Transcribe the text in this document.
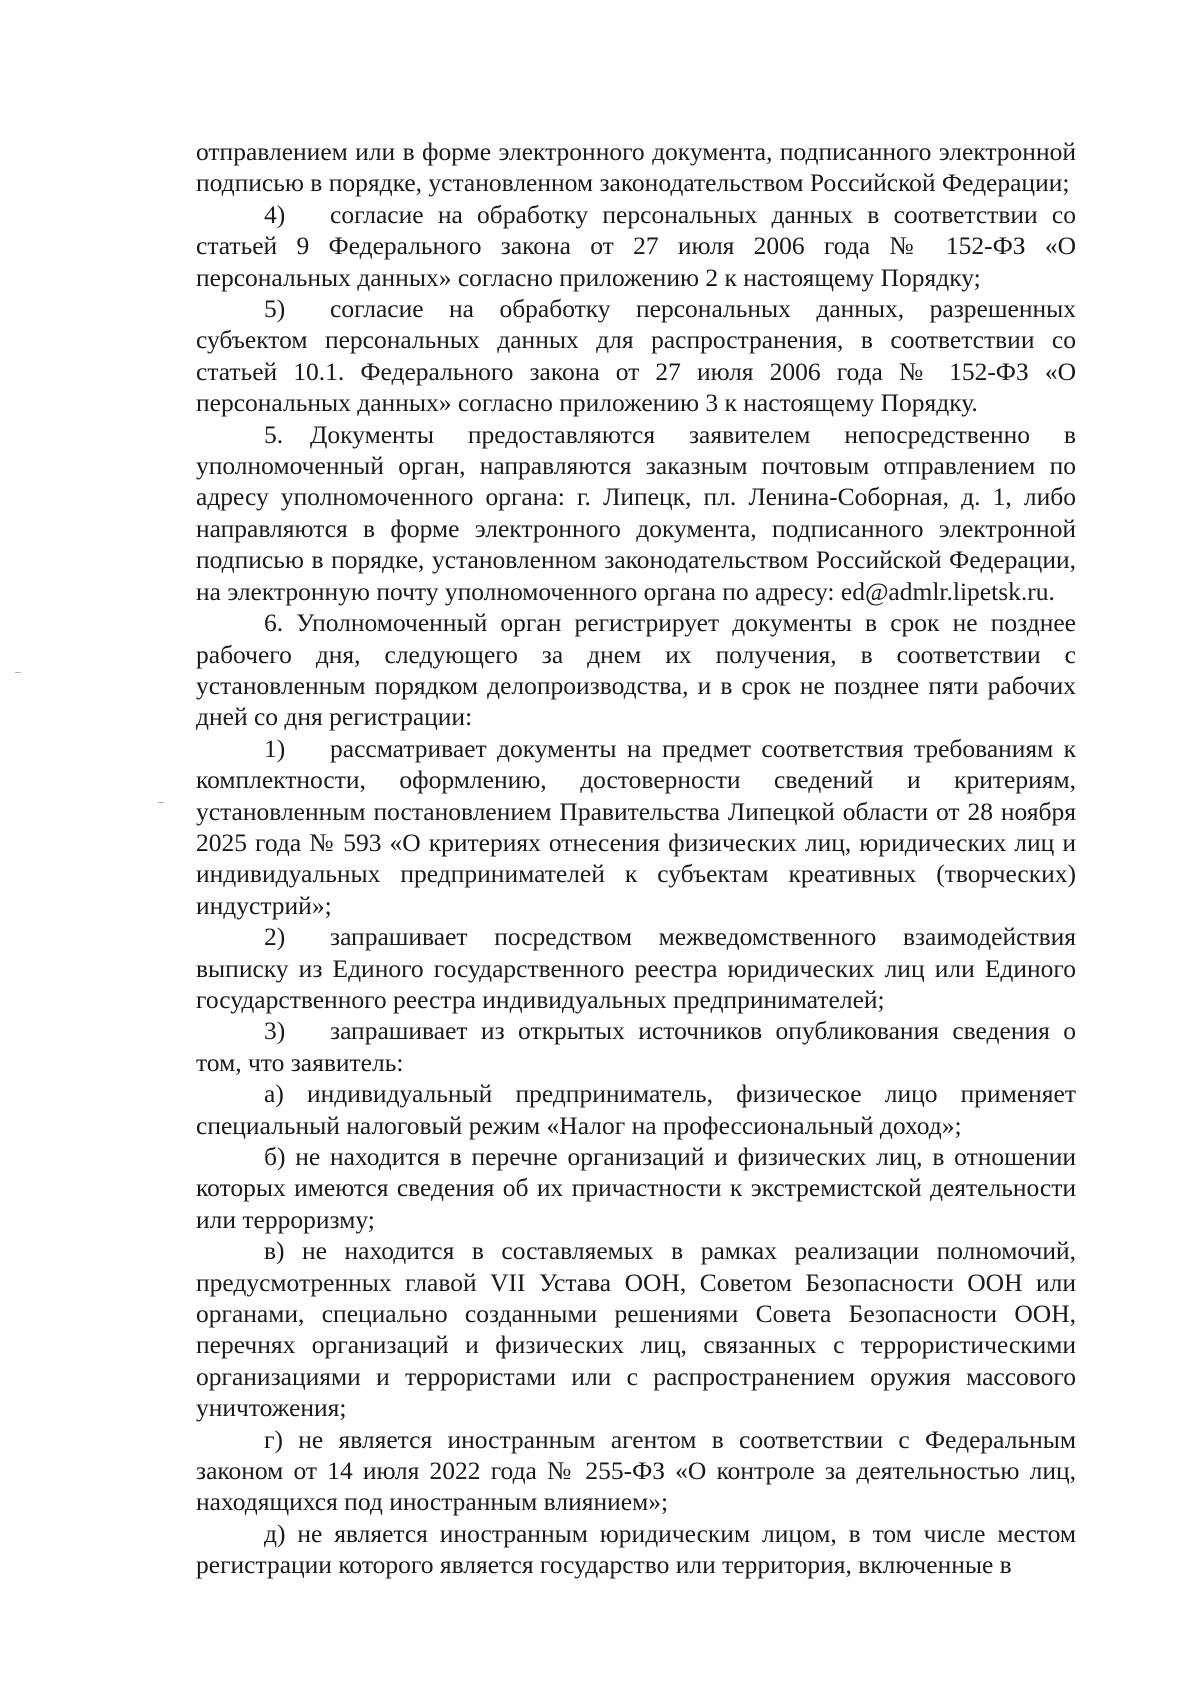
отправлением или в форме электронного документа, подписанного электронной подписью в порядке, установленном законодательством Российской Федерации;

4) согласие на обработку персональных данных в соответствии со статьей 9 Федерального закона от 27 июля 2006 года № 152-ФЗ «О персональных данных» согласно приложению 2 к настоящему Порядку;

5) согласие на обработку персональных данных, разрешенных субъектом персональных данных для распространения, в соответствии со статьей 10.1. Федерального закона от 27 июля 2006 года № 152-ФЗ «О персональных данных» согласно приложению 3 к настоящему Порядку.

5. Документы предоставляются заявителем непосредственно в уполномоченный орган, направляются заказным почтовым отправлением по адресу уполномоченного органа: г. Липецк, пл. Ленина-Соборная, д. 1, либо направляются в форме электронного документа, подписанного электронной подписью в порядке, установленном законодательством Российской Федерации, на электронную почту уполномоченного органа по адресу: ed@admlr.lipetsk.ru.

6. Уполномоченный орган регистрирует документы в срок не позднее рабочего дня, следующего за днем их получения, в соответствии с установленным порядком делопроизводства, и в срок не позднее пяти рабочих дней со дня регистрации:

1) рассматривает документы на предмет соответствия требованиям к комплектности, оформлению, достоверности сведений и критериям, установленным постановлением Правительства Липецкой области от 28 ноября 2025 года № 593 «О критериях отнесения физических лиц, юридических лиц и индивидуальных предпринимателей к субъектам креативных (творческих) индустрий»;

2) запрашивает посредством межведомственного взаимодействия выписку из Единого государственного реестра юридических лиц или Единого государственного реестра индивидуальных предпринимателей;

3) запрашивает из открытых источников опубликования сведения о том, что заявитель:

а) индивидуальный предприниматель, физическое лицо применяет специальный налоговый режим «Налог на профессиональный доход»;

б) не находится в перечне организаций и физических лиц, в отношении которых имеются сведения об их причастности к экстремистской деятельности или терроризму;

в) не находится в составляемых в рамках реализации полномочий, предусмотренных главой VII Устава ООН, Советом Безопасности ООН или органами, специально созданными решениями Совета Безопасности ООН, перечнях организаций и физических лиц, связанных с террористическими организациями и террористами или с распространением оружия массового уничтожения;

г) не является иностранным агентом в соответствии с Федеральным законом от 14 июля 2022 года № 255-ФЗ «О контроле за деятельностью лиц, находящихся под иностранным влиянием»;

д) не является иностранным юридическим лицом, в том числе местом регистрации которого является государство или территория, включенные в
